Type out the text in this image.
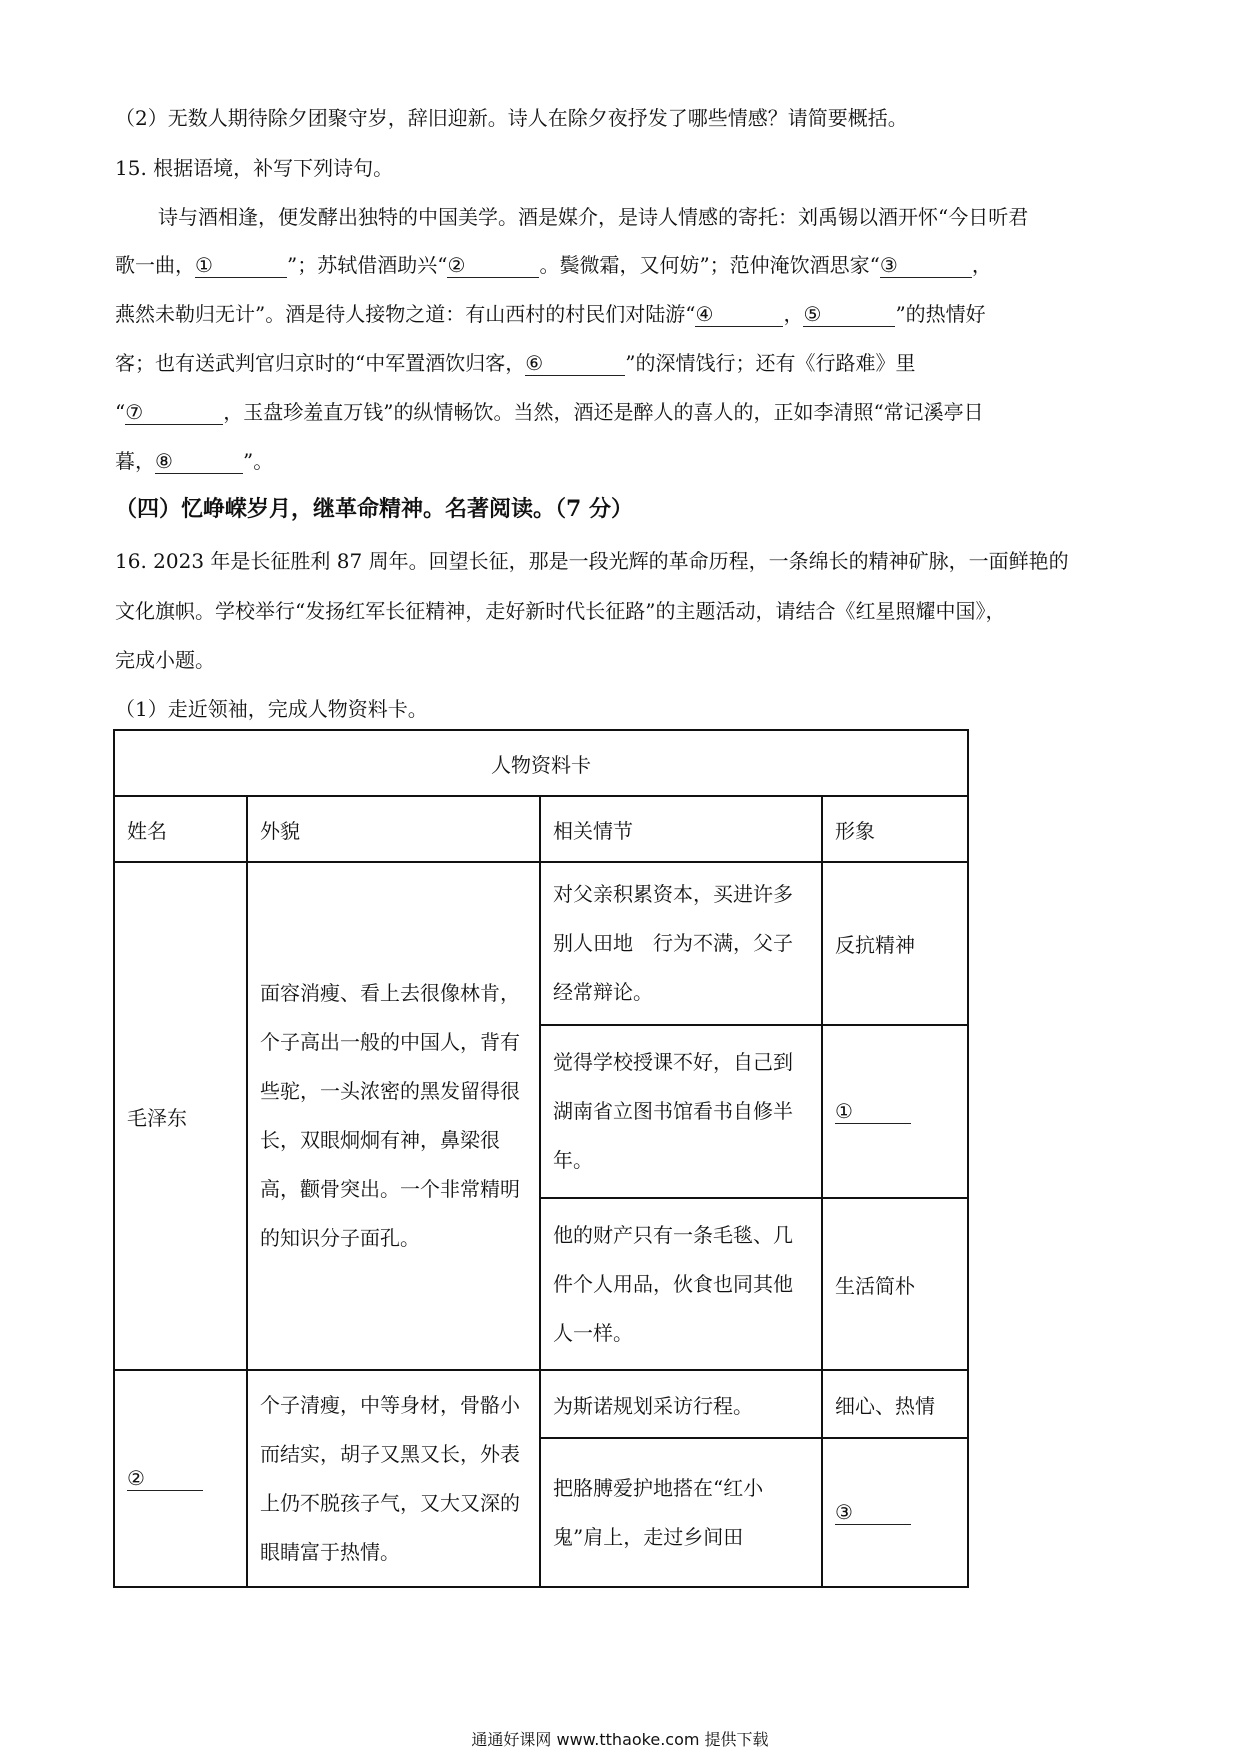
（2）无数人期待除夕团聚守岁，辞旧迎新。诗人在除夕夜抒发了哪些情感？请简要概括。
15. 根据语境，补写下列诗句。
诗与酒相逢，便发酵出独特的中国美学。酒是媒介，是诗人情感的寄托：刘禹锡以酒开怀“今日听君
歌一曲，①	”；苏轼借酒助兴“②	。鬓微霜，又何妨”；范仲淹饮酒思家“③	，
燕然未勒归无计”。酒是待人接物之道：有山西村的村民们对陆游“④	，⑤	”的热情好
客；也有送武判官归京时的“中军置酒饮归客，⑥	”的深情饯行；还有《行路难》里
“⑦	，玉盘珍羞直万钱”的纵情畅饮。当然，酒还是醉人的喜人的，正如李清照“常记溪亭日
暮，⑧	”。
（四）忆峥嵘岁月，继革命精神。名著阅读。（7 分）
16. 2023 年是长征胜利 87 周年。回望长征，那是一段光辉的革命历程，一条绵长的精神矿脉，一面鲜艳的
文化旗帜。学校举行“发扬红军长征精神，走好新时代长征路”的主题活动，请结合《红星照耀中国》，
完成小题。
（1）走近领袖，完成人物资料卡。
人物资料卡			
姓名	外貌	相关情节	形象
毛泽东	面容消瘦、看上去很像林肯，个子高出一般的中国人，背有些驼，一头浓密的黑发留得很长，双眼炯炯有神，鼻梁很高，颧骨突出。一个非常精明的知识分子面孔。	对父亲积累资本，买进许多别人田地　行为不满，父子经常辩论。	反抗精神
		觉得学校授课不好，自己到湖南省立图书馆看书自修半年。	①
		他的财产只有一条毛毯、几件个人用品，伙食也同其他人一样。	生活简朴
②	个子清瘦，中等身材，骨骼小而结实，胡子又黑又长，外表上仍不脱孩子气，又大又深的眼睛富于热情。	为斯诺规划采访行程。	细心、热情
		把胳膊爱护地搭在“红小鬼”肩上，走过乡间田	③
通通好课网 www.tthaoke.com 提供下载
